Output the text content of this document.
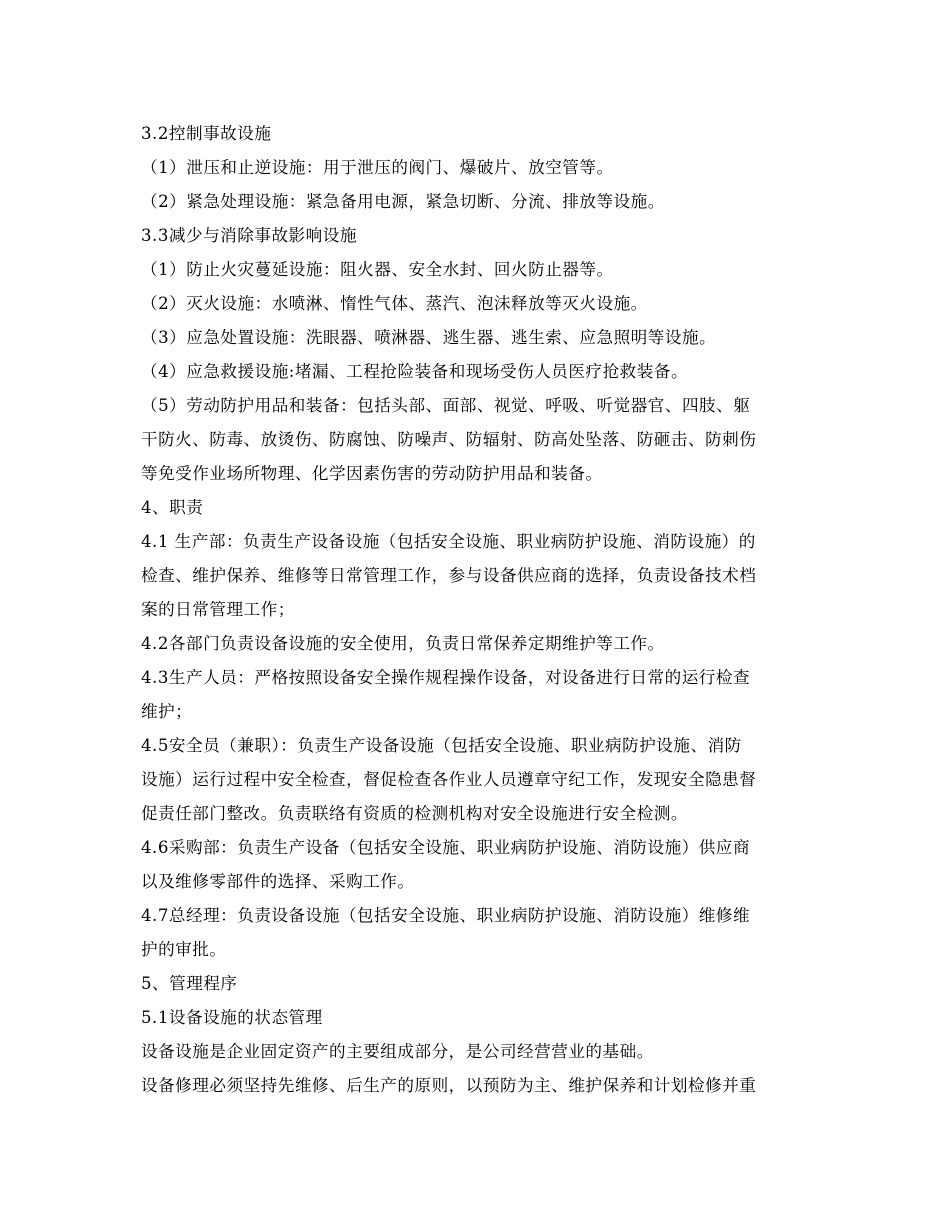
3.2控制事故设施
（1）泄压和止逆设施：用于泄压的阀门、爆破片、放空管等。
（2）紧急处理设施：紧急备用电源，紧急切断、分流、排放等设施。
3.3减少与消除事故影响设施
（1）防止火灾蔓延设施：阻火器、安全水封、回火防止器等。
（2）灭火设施：水喷淋、惰性气体、蒸汽、泡沫释放等灭火设施。
（3）应急处置设施：洗眼器、喷淋器、逃生器、逃生索、应急照明等设施。
（4）应急救援设施:堵漏、工程抢险装备和现场受伤人员医疗抢救装备。
（5）劳动防护用品和装备：包括头部、面部、视觉、呼吸、听觉器官、四肢、躯
干防火、防毒、放烫伤、防腐蚀、防噪声、防辐射、防高处坠落、防砸击、防刺伤
等免受作业场所物理、化学因素伤害的劳动防护用品和装备。
4、职责
4.1 生产部：负责生产设备设施（包括安全设施、职业病防护设施、消防设施）的
检查、维护保养、维修等日常管理工作，参与设备供应商的选择，负责设备技术档
案的日常管理工作；
4.2各部门负责设备设施的安全使用，负责日常保养定期维护等工作。
4.3生产人员：严格按照设备安全操作规程操作设备，对设备进行日常的运行检查
维护；
4.5安全员（兼职）：负责生产设备设施（包括安全设施、职业病防护设施、消防
设施）运行过程中安全检查，督促检查各作业人员遵章守纪工作，发现安全隐患督
促责任部门整改。负责联络有资质的检测机构对安全设施进行安全检测。
4.6采购部：负责生产设备（包括安全设施、职业病防护设施、消防设施）供应商
以及维修零部件的选择、采购工作。
4.7总经理：负责设备设施（包括安全设施、职业病防护设施、消防设施）维修维
护的审批。
5、管理程序
5.1设备设施的状态管理
设备设施是企业固定资产的主要组成部分，是公司经营营业的基础。
设备修理必须坚持先维修、后生产的原则，以预防为主、维护保养和计划检修并重
